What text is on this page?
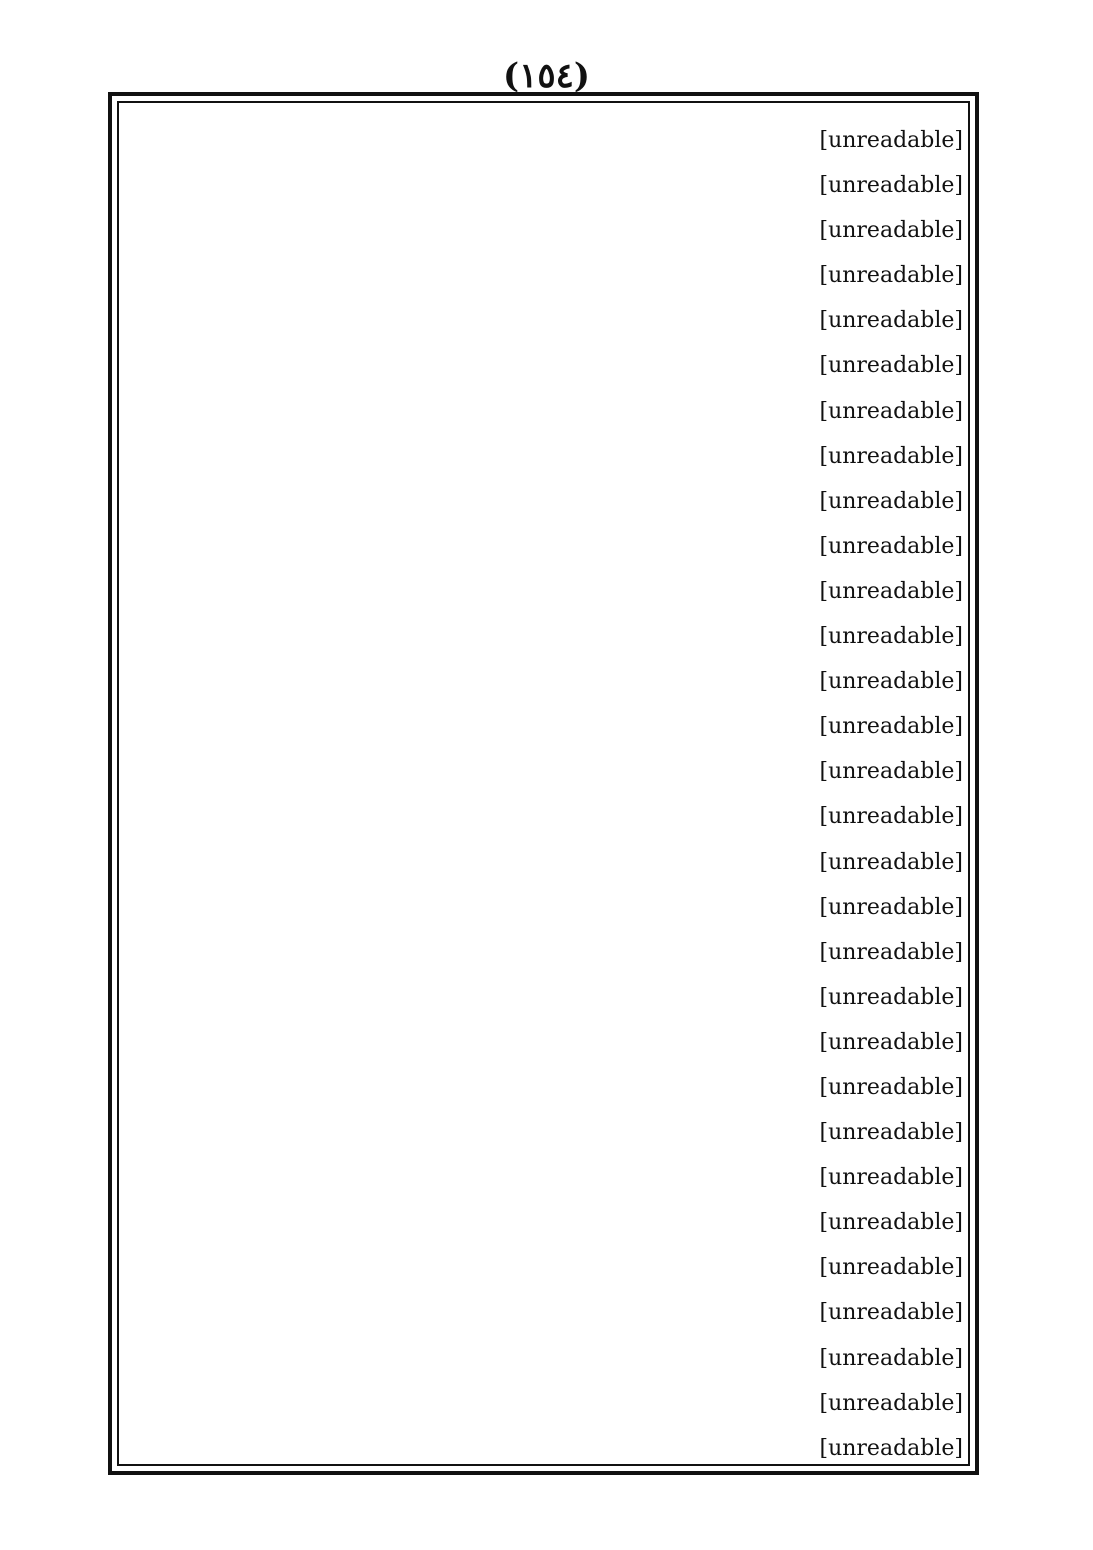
(١٥٤)
[unreadable]
[unreadable]
[unreadable]
[unreadable]
[unreadable]
[unreadable]
[unreadable]
[unreadable]
[unreadable]
[unreadable]
[unreadable]
[unreadable]
[unreadable]
[unreadable]
[unreadable]
[unreadable]
[unreadable]
[unreadable]
[unreadable]
[unreadable]
[unreadable]
[unreadable]
[unreadable]
[unreadable]
[unreadable]
[unreadable]
[unreadable]
[unreadable]
[unreadable]
[unreadable]
